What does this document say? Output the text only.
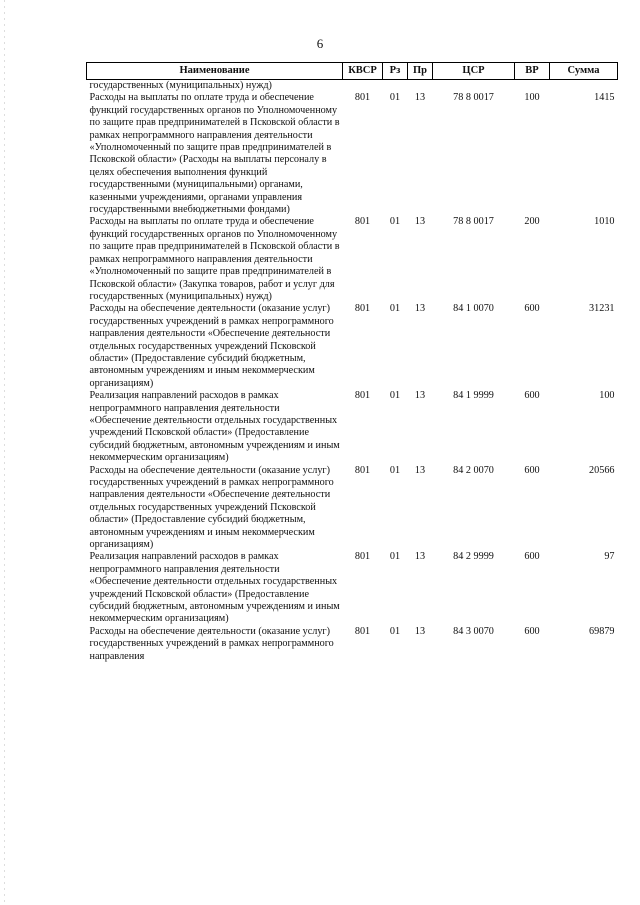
6
Наименование	КВСР	Рз	Пр	ЦСР	ВР	Сумма
государственных (муниципальных) нужд)						
Расходы на выплаты по оплате труда и обеспечение функций государственных органов по Уполномоченному по защите прав предпринимателей в Псковской области в рамках непрограммного направления деятельности «Уполномоченный по защите прав предпринимателей в Псковской области» (Расходы на выплаты персоналу в целях обеспечения выполнения функций государственными (муниципальными) органами, казенными учреждениями, органами управления государственными внебюджетными фондами)	801	01	13	78 8 0017	100	1415
Расходы на выплаты по оплате труда и обеспечение функций государственных органов по Уполномоченному по защите прав предпринимателей в Псковской области в рамках непрограммного направления деятельности «Уполномоченный по защите прав предпринимателей в Псковской области» (Закупка товаров, работ и услуг для государственных (муниципальных) нужд)	801	01	13	78 8 0017	200	1010
Расходы на обеспечение деятельности (оказание услуг) государственных учреждений в рамках непрограммного направления деятельности «Обеспечение деятельности отдельных государственных учреждений Псковской области» (Предоставление субсидий бюджетным, автономным учреждениям и иным некоммерческим организациям)	801	01	13	84 1 0070	600	31231
Реализация направлений расходов в рамках непрограммного направления деятельности «Обеспечение деятельности отдельных государственных учреждений Псковской области» (Предоставление субсидий бюджетным, автономным учреждениям и иным некоммерческим организациям)	801	01	13	84 1 9999	600	100
Расходы на обеспечение деятельности (оказание услуг) государственных учреждений в рамках непрограммного направления деятельности «Обеспечение деятельности отдельных государственных учреждений Псковской области» (Предоставление субсидий бюджетным, автономным учреждениям и иным некоммерческим организациям)	801	01	13	84 2 0070	600	20566
Реализация направлений расходов в рамках непрограммного направления деятельности «Обеспечение деятельности отдельных государственных учреждений Псковской области» (Предоставление субсидий бюджетным, автономным учреждениям и иным некоммерческим организациям)	801	01	13	84 2 9999	600	97
Расходы на обеспечение деятельности (оказание услуг) государственных учреждений в рамках непрограммного направления	801	01	13	84 3 0070	600	69879
